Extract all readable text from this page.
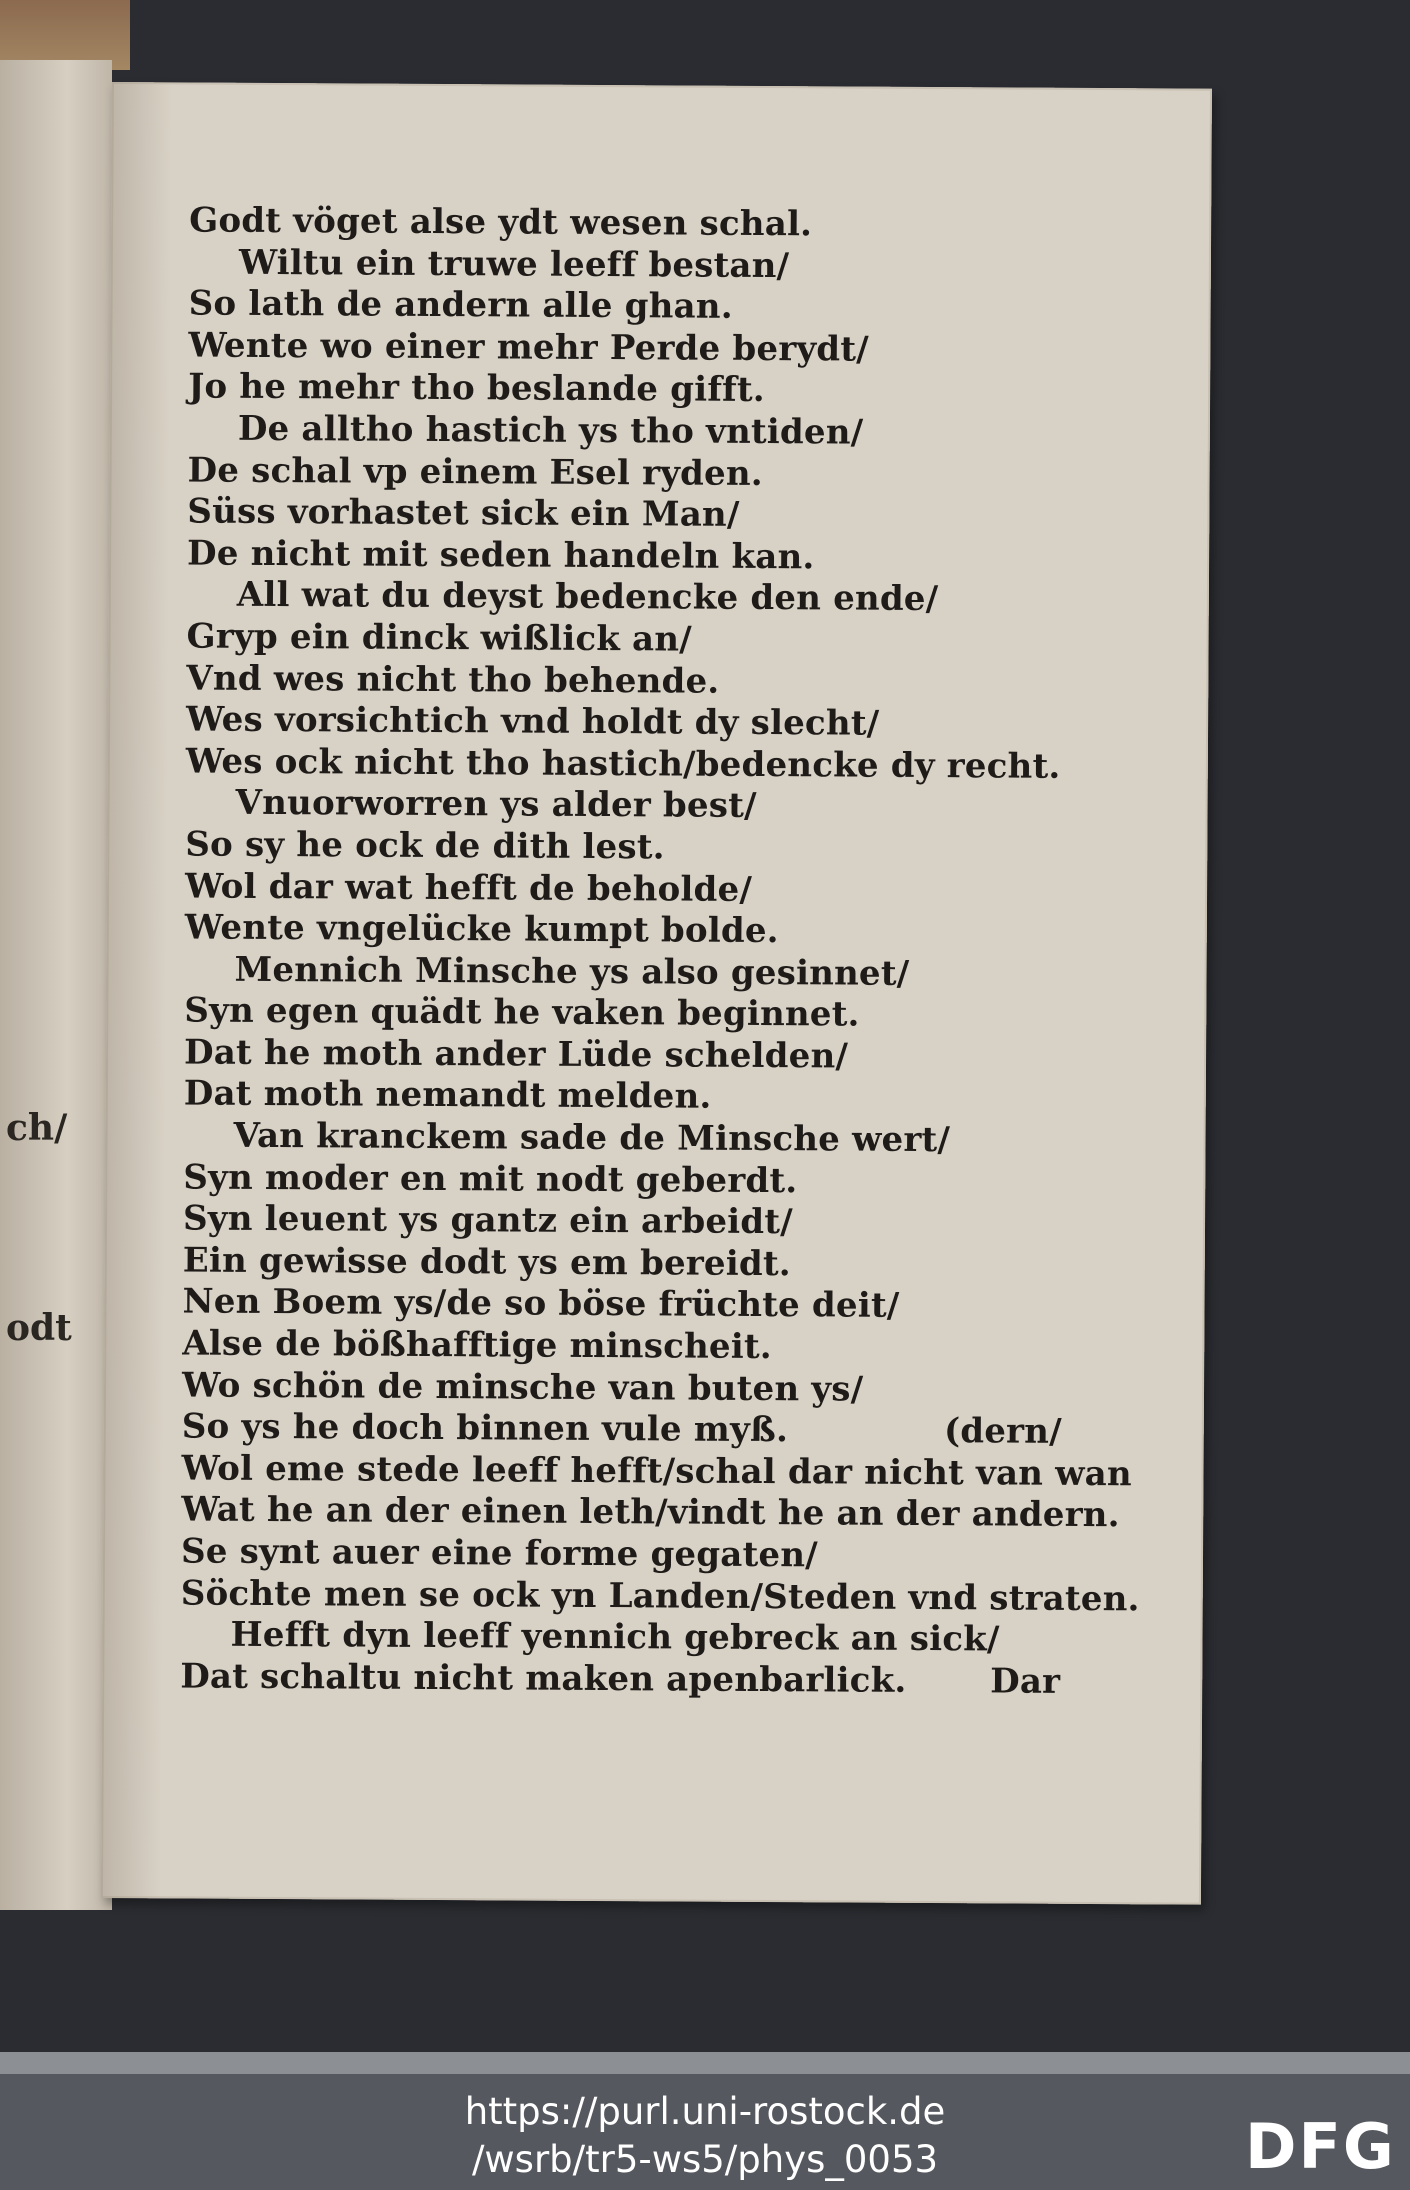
ch/
odt
Godt vöget alse ydt wesen schal.
Wiltu ein truwe leeff bestan/
So lath de andern alle ghan.
Wente wo einer mehr Perde berydt/
Jo he mehr tho beslande gifft.
De alltho hastich ys tho vntiden/
De schal vp einem Esel ryden.
Süss vorhastet sick ein Man/
De nicht mit seden handeln kan.
All wat du deyst bedencke den ende/
Gryp ein dinck wißlick an/
Vnd wes nicht tho behende.
Wes vorsichtich vnd holdt dy slecht/
Wes ock nicht tho hastich/bedencke dy recht.
Vnuorworren ys alder best/
So sy he ock de dith lest.
Wol dar wat hefft de beholde/
Wente vngelücke kumpt bolde.
Mennich Minsche ys also gesinnet/
Syn egen quädt he vaken beginnet.
Dat he moth ander Lüde schelden/
Dat moth nemandt melden.
Van kranckem sade de Minsche wert/
Syn moder en mit nodt geberdt.
Syn leuent ys gantz ein arbeidt/
Ein gewisse dodt ys em bereidt.
Nen Boem ys/de so böse früchte deit/
Alse de bößhafftige minscheit.
Wo schön de minsche van buten ys/
So ys he doch binnen vule myß.	(dern/
Wol eme stede leeff hefft/schal dar nicht van wan
Wat he an der einen leth/vindt he an der andern.
Se synt auer eine forme gegaten/
Söchte men se ock yn Landen/Steden vnd straten.
Hefft dyn leeff yennich gebreck an sick/
Dat schaltu nicht maken apenbarlick. Dar
https://purl.uni-rostock.de
/wsrb/tr5-ws5/phys_0053	DFG
